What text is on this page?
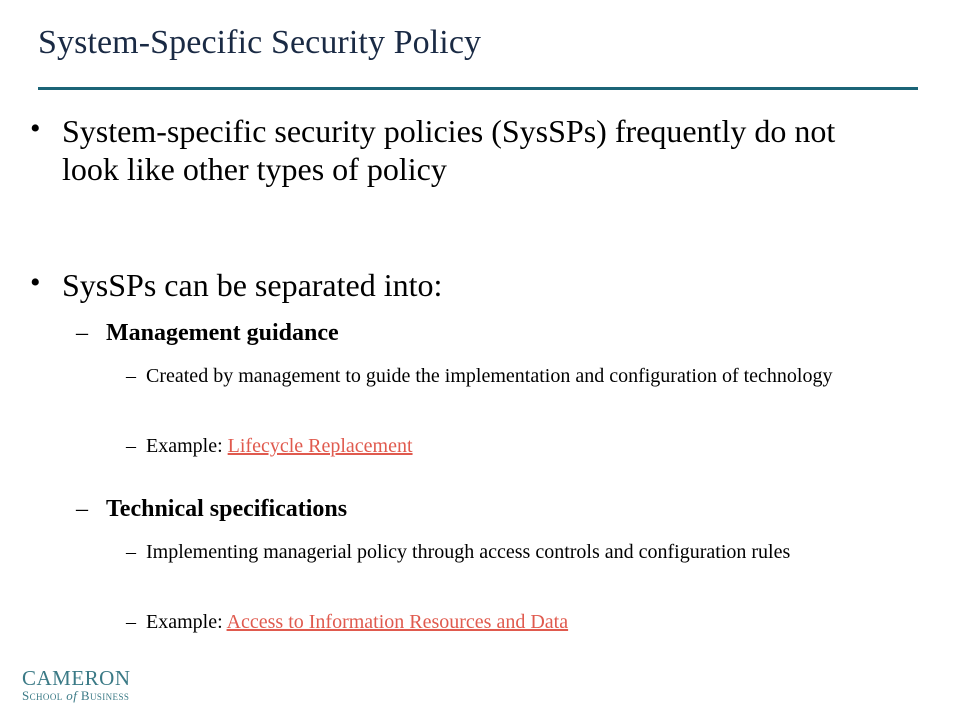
System-Specific Security Policy
• System-specific security policies (SysSPs) frequently do not look like other types of policy
• SysSPs can be separated into:
– Management guidance
– Created by management to guide the implementation and configuration of technology
– Example: Lifecycle Replacement
– Technical specifications
– Implementing managerial policy through access controls and configuration rules
– Example: Access to Information Resources and Data
CAMERON
School of Business
